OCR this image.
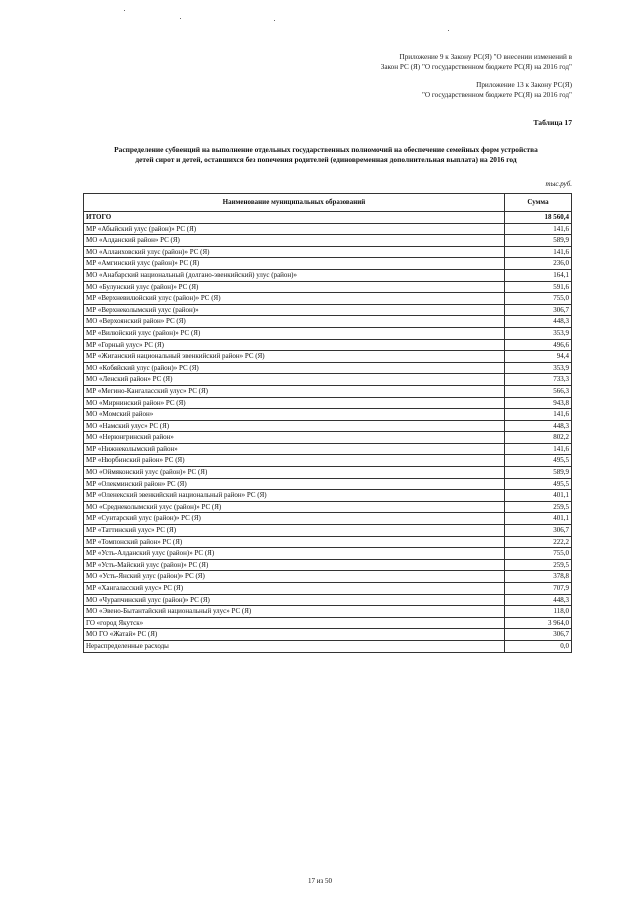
Приложение 9 к Закону РС(Я) "О внесении изменений в
Закон РС (Я) "О государственном бюджете РС(Я) на 2016 год"
Приложение 13 к Закону РС(Я)
"О государственном бюджете РС(Я) на 2016 год"
Таблица 17
Распределение субвенций на выполнение отдельных государственных полномочий на обеспечение семейных форм устройства
детей сирот и детей, оставшихся без попечения родителей (единовременная дополнительная выплата) на 2016 год
тыс.руб.
Наименование муниципальных образований	Сумма
ИТОГО	18 560,4
МР «Абыйский улус (район)» РС (Я)	141,6
МО «Алданский район» РС (Я)	589,9
МО «Аллаиховский улус (район)» РС (Я)	141,6
МР «Амгинский улус (район)» РС (Я)	236,0
МО «Анабарский национальный (долгано-эвенкийский) улус (район)»	164,1
МО «Булунский улус (район)» РС (Я)	591,6
МР «Верхневилюйский улус (район)» РС (Я)	755,0
МР «Верхнеколымский улус (район)»	306,7
МО «Верхоянский район» РС (Я)	448,3
МР «Вилюйский улус (район)» РС (Я)	353,9
МР «Горный улус» РС (Я)	496,6
МР «Жиганский национальный эвенкийский район» РС (Я)	94,4
МО «Кобяйский улус (район)» РС (Я)	353,9
МО «Ленский район» РС (Я)	733,3
МР «Мегино-Кангаласский улус» РС (Я)	566,3
МО «Мирнинский район» РС (Я)	943,8
МО «Момский район»	141,6
МО «Намский улус» РС (Я)	448,3
МО «Нерюнгринский район»	802,2
МР «Нижнеколымский район»	141,6
МР «Нюрбинский район» РС (Я)	495,5
МО «Оймяконский улус (район)» РС (Я)	589,9
МР «Олекминский район» РС (Я)	495,5
МР «Оленекский эвенкийский национальный район» РС (Я)	401,1
МО «Среднеколымский улус (район)» РС (Я)	259,5
МР «Сунтарский улус (район)» РС (Я)	401,1
МР «Таттинский улус» РС (Я)	306,7
МР «Томпонский район» РС (Я)	222,2
МР «Усть-Алданский улус (район)» РС (Я)	755,0
МР «Усть-Майский улус (район)» РС (Я)	259,5
МО «Усть-Янский улус (район)» РС (Я)	378,8
МР «Хангаласский улус» РС (Я)	707,9
МО «Чурапчинский улус (район)» РС (Я)	448,3
МО «Эвено-Бытантайский национальный улус» РС (Я)	118,0
ГО «город Якутск»	3 964,0
МО ГО «Жатай» РС (Я)	306,7
Нераспределенные расходы	0,0
17 из 50
